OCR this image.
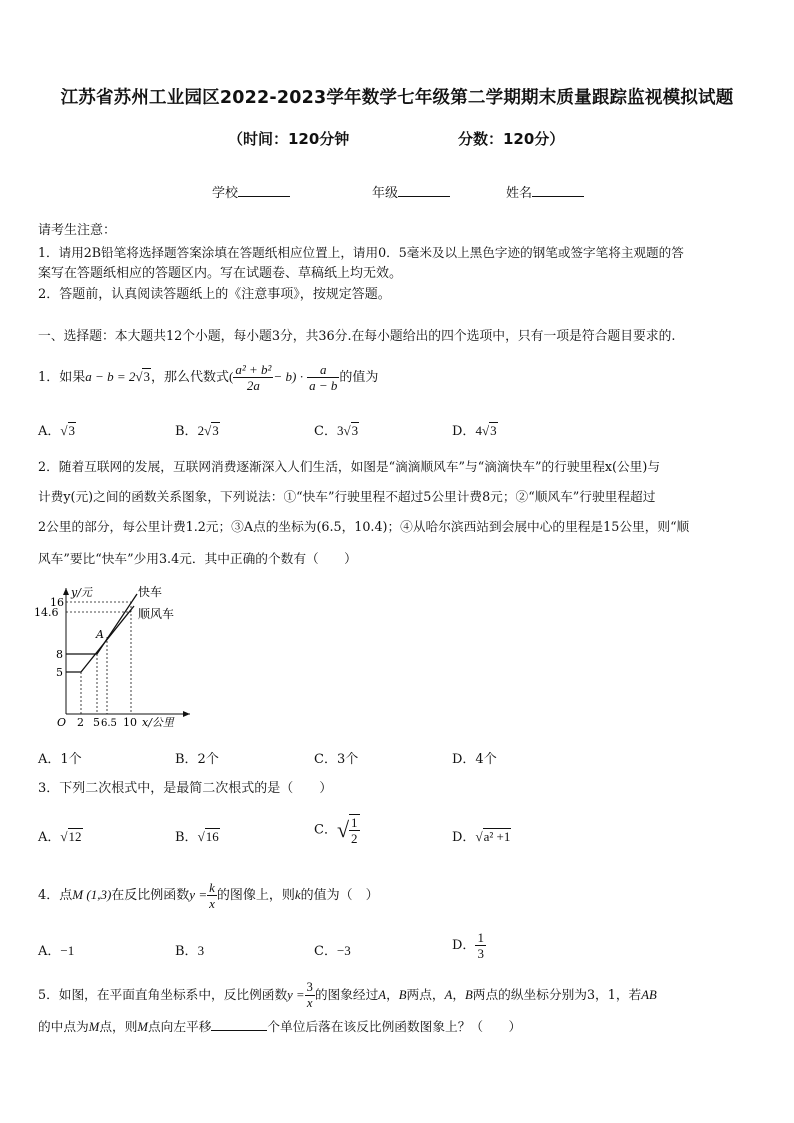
江苏省苏州工业园区2022-2023学年数学七年级第二学期期末质量跟踪监视模拟试题
（时间：120分钟	分数：120分）
学校	年级	姓名
请考生注意：
1．请用2B铅笔将选择题答案涂填在答题纸相应位置上，请用0．5毫米及以上黑色字迹的钢笔或签字笔将主观题的答
案写在答题纸相应的答题区内。写在试题卷、草稿纸上均无效。
2．答题前，认真阅读答题纸上的《注意事项》，按规定答题。
一、选择题：本大题共12个小题，每小题3分，共36分.在每小题给出的四个选项中，只有一项是符合题目要求的.
1．如果a − b = 2√3，那么代数式( $\frac{\text{a² + b²}}{2a} - b) \cdot \frac{a}{a - b}$ 的值为
A．√3	B．2√3	C．3√3	D．4√3
2．随着互联网的发展，互联网消费逐渐深入人们生活，如图是“滴滴顺风车”与“滴滴快车”的行驶里程x(公里)与
计费y(元)之间的函数关系图象，下列说法：①“快车”行驶里程不超过5公里计费8元；②“顺风车”行驶里程超过
2公里的部分，每公里计费1.2元；③A点的坐标为(6.5，10.4)；④从哈尔滨西站到会展中心的里程是15公里，则“顺
风车”要比“快车”少用3.4元．其中正确的个数有（　　）
y/元	快车
顺风车
A
16
14.6
8
5
O 2 5 6.5 10 x/公里
A．1个	B．2个	C．3个	D．4个
3．下列二次根式中，是最简二次根式的是（　　）
A．√12	B．√16	C．√ $\frac{1}{2}$	D．√a² +1
4．点M (1,3)在反比例函数$y = \frac{k}{x}$ 的图像上，则k的值为（　）
A．−1	B．3	C．−3	D． $\frac{1}{3}$
5．如图，在平面直角坐标系中，反比例函数$y = \frac{3}{x}$ 的图象经过A，B两点，A，B两点的纵坐标分别为3，1，若AB
的中点为M点，则M点向左平移	个单位后落在该反比例函数图象上？（　　）
